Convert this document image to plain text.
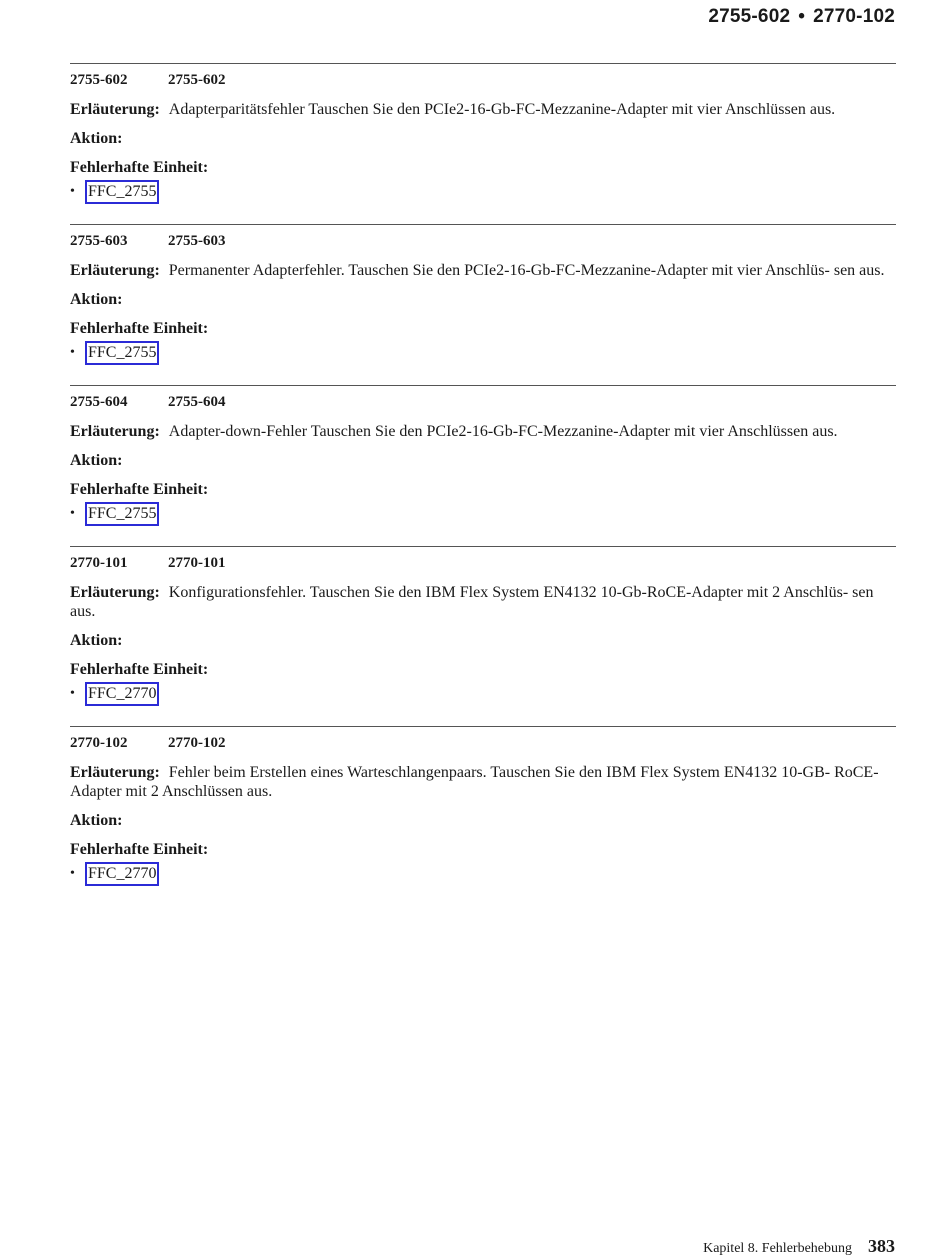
2755-602 • 2770-102
2755-602	2755-602
Erläuterung: Adapterparitätsfehler Tauschen Sie den PCIe2-16-Gb-FC-Mezzanine-Adapter mit vier Anschlüssen aus.
Aktion:
Fehlerhafte Einheit:
• FFC_2755
2755-603	2755-603
Erläuterung: Permanenter Adapterfehler. Tauschen Sie den PCIe2-16-Gb-FC-Mezzanine-Adapter mit vier Anschlüs- sen aus.
Aktion:
Fehlerhafte Einheit:
• FFC_2755
2755-604	2755-604
Erläuterung: Adapter-down-Fehler Tauschen Sie den PCIe2-16-Gb-FC-Mezzanine-Adapter mit vier Anschlüssen aus.
Aktion:
Fehlerhafte Einheit:
• FFC_2755
2770-101	2770-101
Erläuterung: Konfigurationsfehler. Tauschen Sie den IBM Flex System EN4132 10-Gb-RoCE-Adapter mit 2 Anschlüs- sen aus.
Aktion:
Fehlerhafte Einheit:
• FFC_2770
2770-102	2770-102
Erläuterung: Fehler beim Erstellen eines Warteschlangenpaars. Tauschen Sie den IBM Flex System EN4132 10-GB- RoCE-Adapter mit 2 Anschlüssen aus.
Aktion:
Fehlerhafte Einheit:
• FFC_2770
Kapitel 8. Fehlerbehebung 383
